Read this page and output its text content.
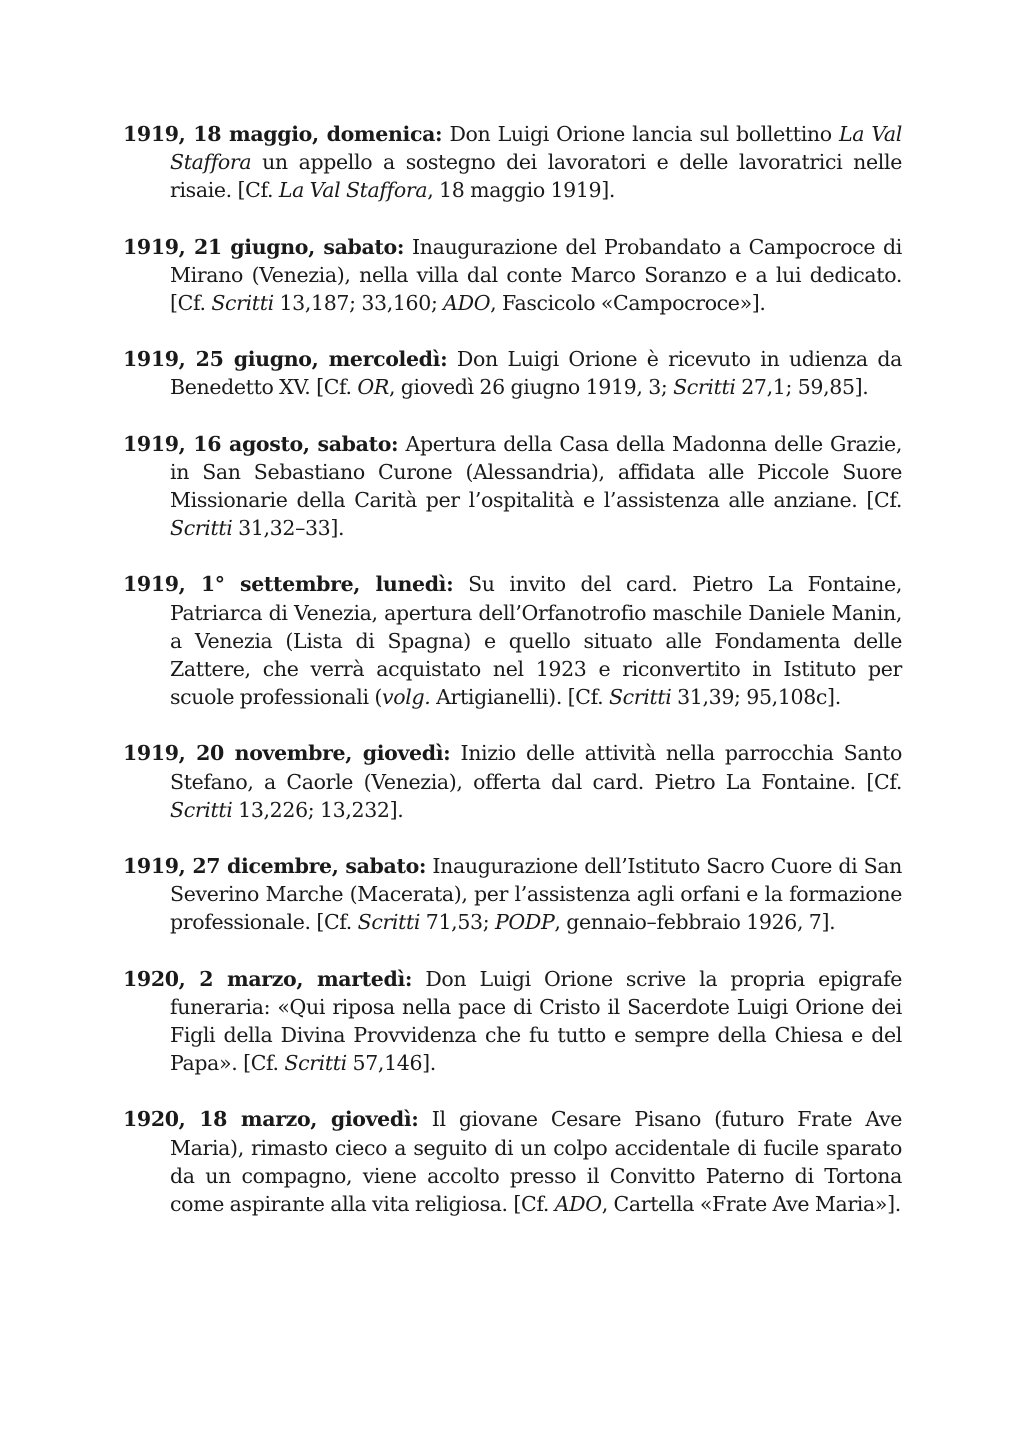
1919, 18 maggio, domenica: Don Luigi Orione lancia sul bollettino La Val Staffora un appello a sostegno dei lavoratori e delle lavoratrici nelle risaie. [Cf. La Val Staffora, 18 maggio 1919].

1919, 21 giugno, sabato: Inaugurazione del Probandato a Campocroce di Mirano (Venezia), nella villa dal conte Marco Soranzo e a lui dedicato. [Cf. Scritti 13,187; 33,160; ADO, Fascicolo «Campocroce»].

1919, 25 giugno, mercoledì: Don Luigi Orione è ricevuto in udienza da Benedetto XV. [Cf. OR, giovedì 26 giugno 1919, 3; Scritti 27,1; 59,85].

1919, 16 agosto, sabato: Apertura della Casa della Madonna delle Grazie, in San Sebastiano Curone (Alessandria), affidata alle Piccole Suore Missionarie della Carità per l’ospitalità e l’assistenza alle anziane. [Cf. Scritti 31,32–33].

1919, 1° settembre, lunedì: Su invito del card. Pietro La Fontaine, Patriarca di Venezia, apertura dell’Orfanotrofio maschile Daniele Manin, a Venezia (Lista di Spagna) e quello situato alle Fondamenta delle Zattere, che verrà acquistato nel 1923 e riconvertito in Istituto per scuole professionali (volg. Artigianelli). [Cf. Scritti 31,39; 95,108c].

1919, 20 novembre, giovedì: Inizio delle attività nella parrocchia Santo Stefano, a Caorle (Venezia), offerta dal card. Pietro La Fontaine. [Cf. Scritti 13,226; 13,232].

1919, 27 dicembre, sabato: Inaugurazione dell’Istituto Sacro Cuore di San Severino Marche (Macerata), per l’assistenza agli orfani e la formazione professionale. [Cf. Scritti 71,53; PODP, gennaio–febbraio 1926, 7].

1920, 2 marzo, martedì: Don Luigi Orione scrive la propria epigrafe funeraria: «Qui riposa nella pace di Cristo il Sacerdote Luigi Orione dei Figli della Divina Provvidenza che fu tutto e sempre della Chiesa e del Papa». [Cf. Scritti 57,146].

1920, 18 marzo, giovedì: Il giovane Cesare Pisano (futuro Frate Ave Maria), rimasto cieco a seguito di un colpo accidentale di fucile sparato da un compagno, viene accolto presso il Convitto Paterno di Tortona come aspirante alla vita religiosa. [Cf. ADO, Cartella «Frate Ave Maria»].
